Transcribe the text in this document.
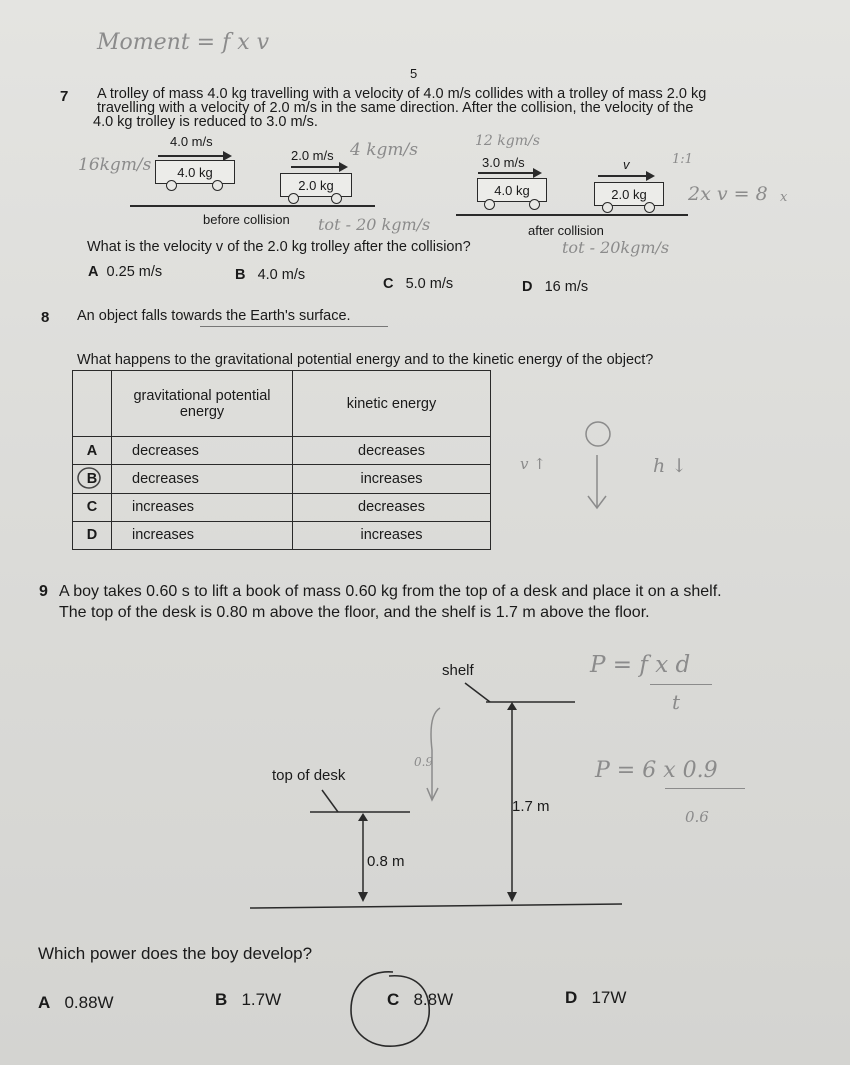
Moment = f x v
5
7 A trolley of mass 4.0 kg travelling with a velocity of 4.0 m/s collides with a trolley of mass 2.0 kg
travelling with a velocity of 2.0 m/s in the same direction. After the collision, the velocity of the
4.0 kg trolley is reduced to 3.0 m/s.
16kgm/s
4.0 m/s
4.0 kg
2.0 m/s 4 kgm/s
2.0 kg
before collision tot - 20 kgm/s
12 kgm/s
3.0 m/s
4.0 kg
v	1:1
2.0 kg 2x v = 8 x
after collision
tot - 20kgm/s
What is the velocity v of the 2.0 kg trolley after the collision?
A 0.25 m/s	B 4.0 m/s
C 5.0 m/s	D 16 m/s
8 An object falls towards the Earth's surface.
What happens to the gravitational potential energy and to the kinetic energy of the object?
	gravitational potential energy	kinetic energy
A	decreases	decreases
B	decreases	increases
C	increases	decreases
D	increases	increases
v ↑	h ↓
9 A boy takes 0.60 s to lift a book of mass 0.60 kg from the top of a desk and place it on a shelf.
The top of the desk is 0.80 m above the floor, and the shelf is 1.7 m above the floor.
shelf
0.9
top of desk
1.7 m
0.8 m
P = f x d
t
P = 6 x 0.9
0.6
Which power does the boy develop?
A 0.88W	B 1.7W	C 8.8W	D 17W
